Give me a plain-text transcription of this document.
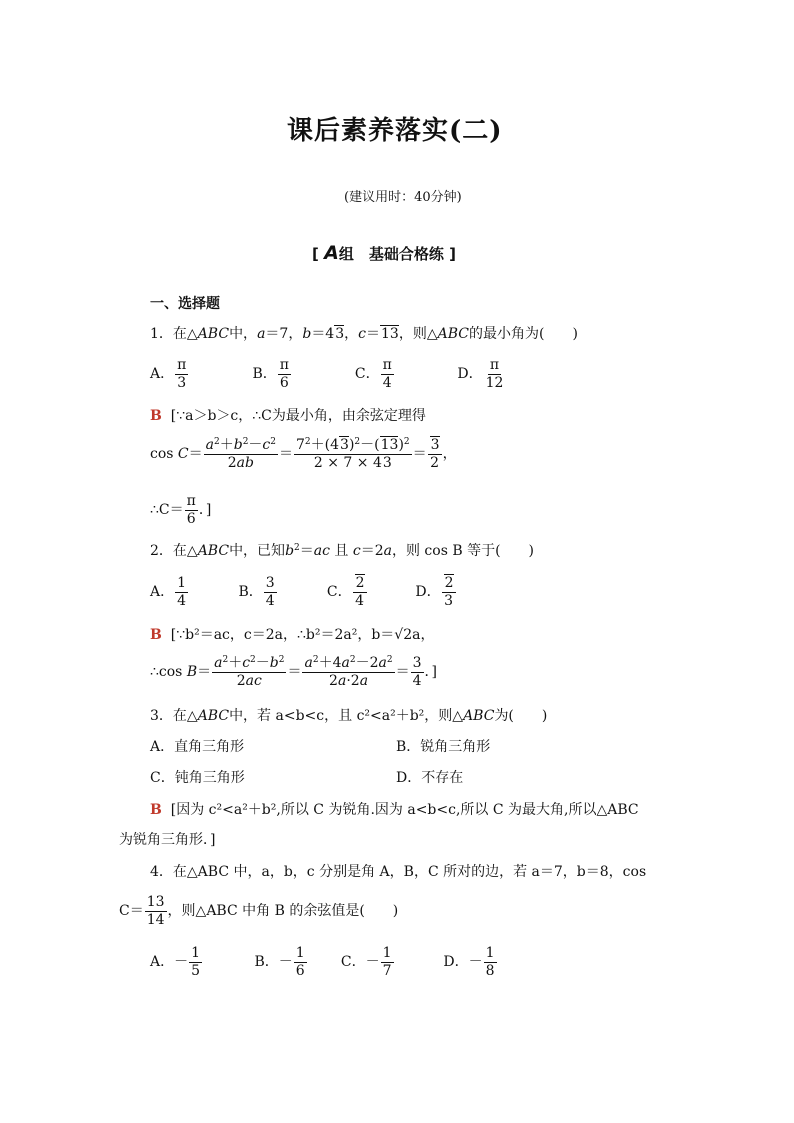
课后素养落实(二)
(建议用时：40分钟)
[ A组　基础合格练 ]
一、选择题
1．在△ABC中，a＝7，b＝43，c＝13，则△ABC的最小角为(　　)
A． $\frac{\pi}{3}$	B． $\frac{\pi}{6}$	C． $\frac{\pi}{4}$	D． $\frac{\pi}{12}$
B [∵a＞b＞c，∴C为最小角，由余弦定理得
$\cos C= \frac{a^2+b^2-c^2}{2ab} = \frac{7^2+(43)^2-(13)^2}{2 \times 7 \times 43} = \frac{3}{2}$ ，
∴C＝ $\frac{\pi}{6}$ ．]
2．在△ABC中，已知$b^2=ac$ 且 c＝2a，则 cos B 等于(　　)
A． $\frac{1}{4}$	B． $\frac{3}{4}$	C． $\frac{2}{4}$	D． $\frac{2}{3}$
B [∵b²＝ac，c＝2a，∴b²＝2a²，b＝√2a，
∴cos $B= \frac{a^2+c^2-b^2}{2ac} = \frac{a^2+4a^2-2a^2}{2a\cdot 2a} = \frac{3}{4}$ ．]
3．在△ABC中，若 a<b<c，且 c²<a²＋b²，则△ABC为(　　)
A．直角三角形	B．锐角三角形
C．钝角三角形	D．不存在
B [因为 c²<a²＋b²,所以 C 为锐角.因为 a<b<c,所以 C 为最大角,所以△ABC
为锐角三角形．]
4．在△ABC 中，a，b，c 分别是角 A，B，C 所对的边，若 a＝7，b＝8，cos
$C= \frac{13}{14}$ ，则△ABC 中角 B 的余弦值是(　　)
A．－ $\frac{1}{5}$	B．－ $\frac{1}{6}$ C．－ $\frac{1}{7}$	D．－ $\frac{1}{8}$
